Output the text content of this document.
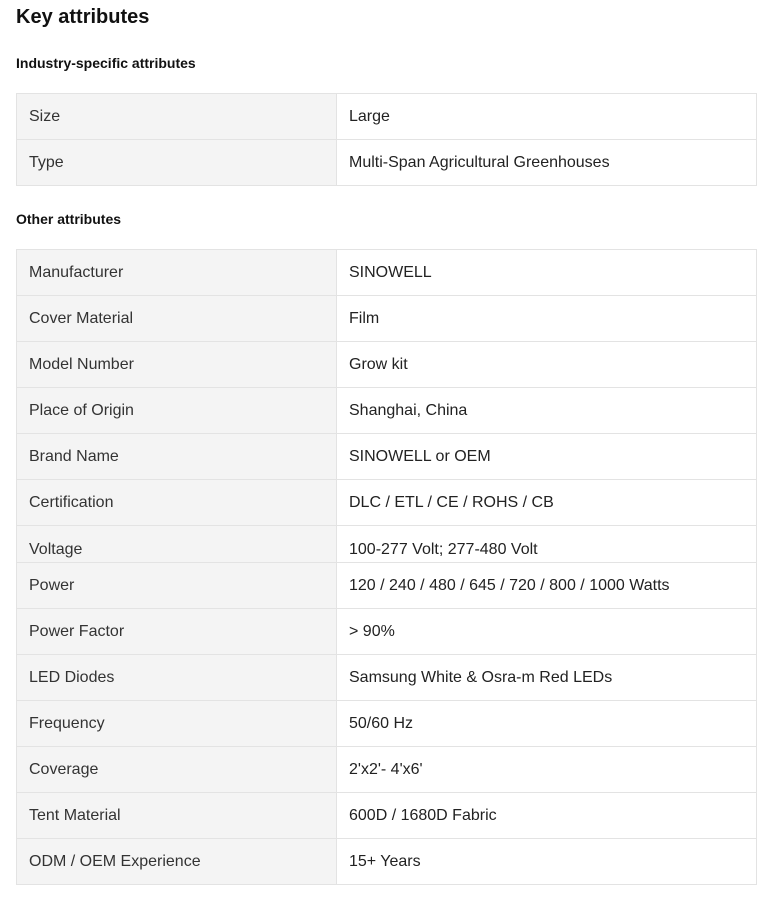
Key attributes
Industry-specific attributes
Size	Large
Type	Multi-Span Agricultural Greenhouses
Other attributes
Manufacturer	SINOWELL
Cover Material	Film
Model Number	Grow kit
Place of Origin	Shanghai, China
Brand Name	SINOWELL or OEM
Certification	DLC / ETL / CE / ROHS / CB
Voltage	100-277 Volt; 277-480 Volt
Power	120 / 240 / 480 / 645 / 720 / 800 / 1000 Watts
Power Factor	> 90%
LED Diodes	Samsung White & Osra-m Red LEDs
Frequency	50/60 Hz
Coverage	2'x2'- 4'x6'
Tent Material	600D / 1680D Fabric
ODM / OEM Experience	15+ Years
